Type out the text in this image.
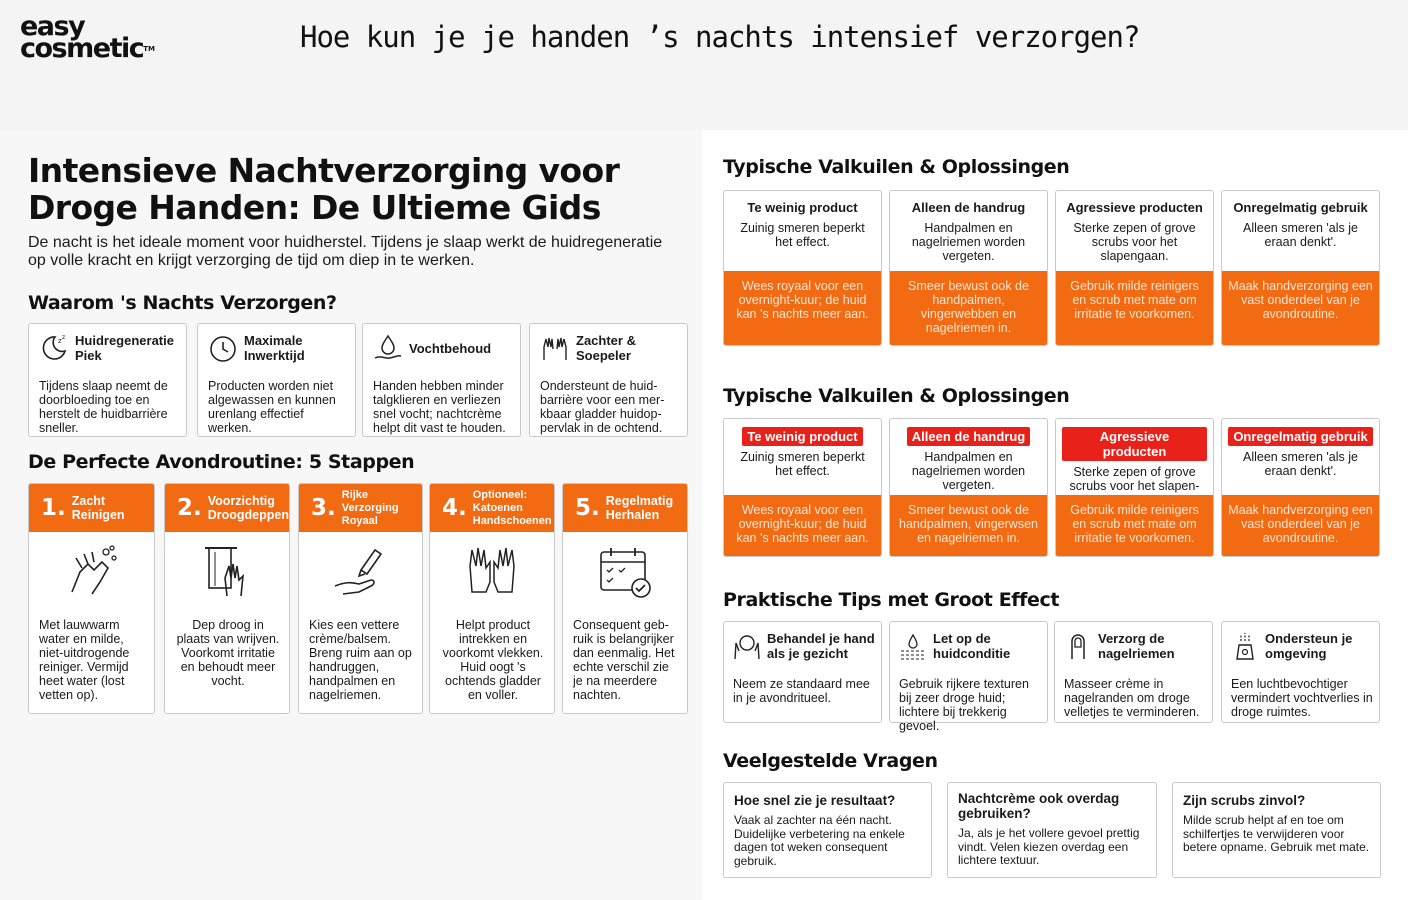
easy
cosmetic™	Hoe kun je je handen ’s nachts intensief verzorgen?
Intensieve Nachtverzorging voor Droge Handen: De Ultieme Gids
De nacht is het ideale moment voor huidherstel. Tijdens je slaap werkt de huidregeneratie op volle kracht en krijgt verzorging de tijd om diep in te werken.
Waarom 's Nachts Verzorgen?
z z Huidregeneratie Piek
Tijdens slaap neemt de doorbloeding toe en herstelt de huidbarrière sneller.
Maximale Inwerktijd
Producten worden niet algewassen en kunnen urenlang effectief werken.
Vochtbehoud
Handen hebben minder talgklieren en verliezen snel vocht; nachtcrème helpt dit vast te houden.
Zachter & Soepeler
Ondersteunt de huid- barrière voor een mer- kbaar gladder huidop- pervlak in de ochtend.
De Perfecte Avondroutine: 5 Stappen
1. Zacht Reinigen
Met lauwwarm water en milde, niet-uitdrogende reiniger. Vermijd heet water (lost vetten op).
2. Voorzichtig Droogdeppen
Dep droog in plaats van wrijven. Voorkomt irritatie en behoudt meer vocht.
3.
Rijke Verzorging Royaal
Kies een vettere crème/balsem. Breng ruim aan op handruggen, handpalmen en nagelriemen.
4.
Optioneel: Katoenen Handschoenen
Helpt product intrekken en voorkomt vlekken. Huid oogt 's ochtends gladder en voller.
5. Regelmatig Herhalen
Consequent geb- ruik is belangrijker dan eenmalig. Het echte verschil zie je na meerdere nachten.
Typische Valkuilen & Oplossingen
Te weinig product
Zuinig smeren beperkt het effect.
Wees royaal voor een overnight-kuur; de huid kan 's nachts meer aan.
Alleen de handrug
Handpalmen en nagelriemen worden vergeten.
Smeer bewust ook de handpalmen, vingerwebben en nagelriemen in.
Agressieve producten
Sterke zepen of grove scrubs voor het slapengaan.
Gebruik milde reinigers en scrub met mate om irritatie te voorkomen.
Onregelmatig gebruik
Alleen smeren 'als je eraan denkt'.
Maak handverzorging een vast onderdeel van je avondroutine.
Typische Valkuilen & Oplossingen
Te weinig product
Zuinig smeren beperkt het effect.
Wees royaal voor een overnight-kuur; de huid kan 's nachts meer aan.
Alleen de handrug
Handpalmen en nagelriemen worden vergeten.
Smeer bewust ook de handpalmen, vingerwsen en nagelriemen in.
Agressieve producten
Sterke zepen of grove scrubs voor het slapen-
Gebruik milde reinigers en scrub met mate om irritatie te voorkomen.
Onregelmatig gebruik
Alleen smeren 'als je eraan denkt'.
Maak handverzorging een vast onderdeel van je avondroutine.
Praktische Tips met Groot Effect
Behandel je hand als je gezicht
Neem ze standaard mee in je avondritueel.
Let op de huidconditie
Gebruik rijkere texturen bij zeer droge huid; lichtere bij trekkerig gevoel.
Verzorg de nagelriemen
Masseer crème in nagelranden om droge velletjes te verminderen.
Ondersteun je omgeving
Een luchtbevochtiger vermindert vochtverlies in droge ruimtes.
Veelgestelde Vragen
Hoe snel zie je resultaat?
Vaak al zachter na één nacht. Duidelijke verbetering na enkele dagen tot weken consequent gebruik.
Nachtcrème ook overdag gebruiken?
Ja, als je het vollere gevoel prettig vindt. Velen kiezen overdag een lichtere textuur.
Zijn scrubs zinvol?
Milde scrub helpt af en toe om schilfertjes te verwijderen voor betere opname. Gebruik met mate.
